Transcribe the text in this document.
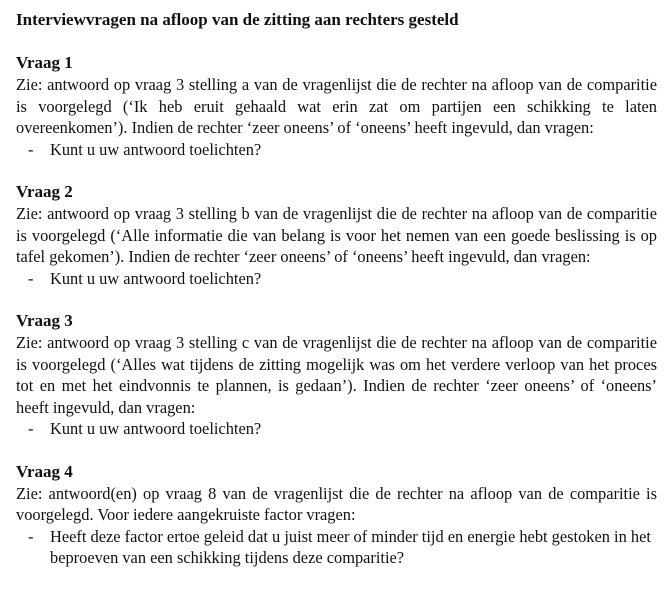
Interviewvragen na afloop van de zitting aan rechters gesteld
Vraag 1

Zie: antwoord op vraag 3 stelling a van de vragenlijst die de rechter na afloop van de comparitie is voorgelegd (‘Ik heb eruit gehaald wat erin zat om partijen een schikking te laten overeenkomen’). Indien de rechter ‘zeer oneens’ of ‘oneens’ heeft ingevuld, dan vragen:

- Kunt u uw antwoord toelichten?
Vraag 2

Zie: antwoord op vraag 3 stelling b van de vragenlijst die de rechter na afloop van de comparitie is voorgelegd (‘Alle informatie die van belang is voor het nemen van een goede beslissing is op tafel gekomen’). Indien de rechter ‘zeer oneens’ of ‘oneens’ heeft ingevuld, dan vragen:

- Kunt u uw antwoord toelichten?
Vraag 3

Zie: antwoord op vraag 3 stelling c van de vragenlijst die de rechter na afloop van de comparitie is voorgelegd (‘Alles wat tijdens de zitting mogelijk was om het verdere verloop van het proces tot en met het eindvonnis te plannen, is gedaan’). Indien de rechter ‘zeer oneens’ of ‘oneens’ heeft ingevuld, dan vragen:

- Kunt u uw antwoord toelichten?
Vraag 4

Zie: antwoord(en) op vraag 8 van de vragenlijst die de rechter na afloop van de comparitie is voorgelegd. Voor iedere aangekruiste factor vragen:

- Heeft deze factor ertoe geleid dat u juist meer of minder tijd en energie hebt gestoken in het beproeven van een schikking tijdens deze comparitie?
